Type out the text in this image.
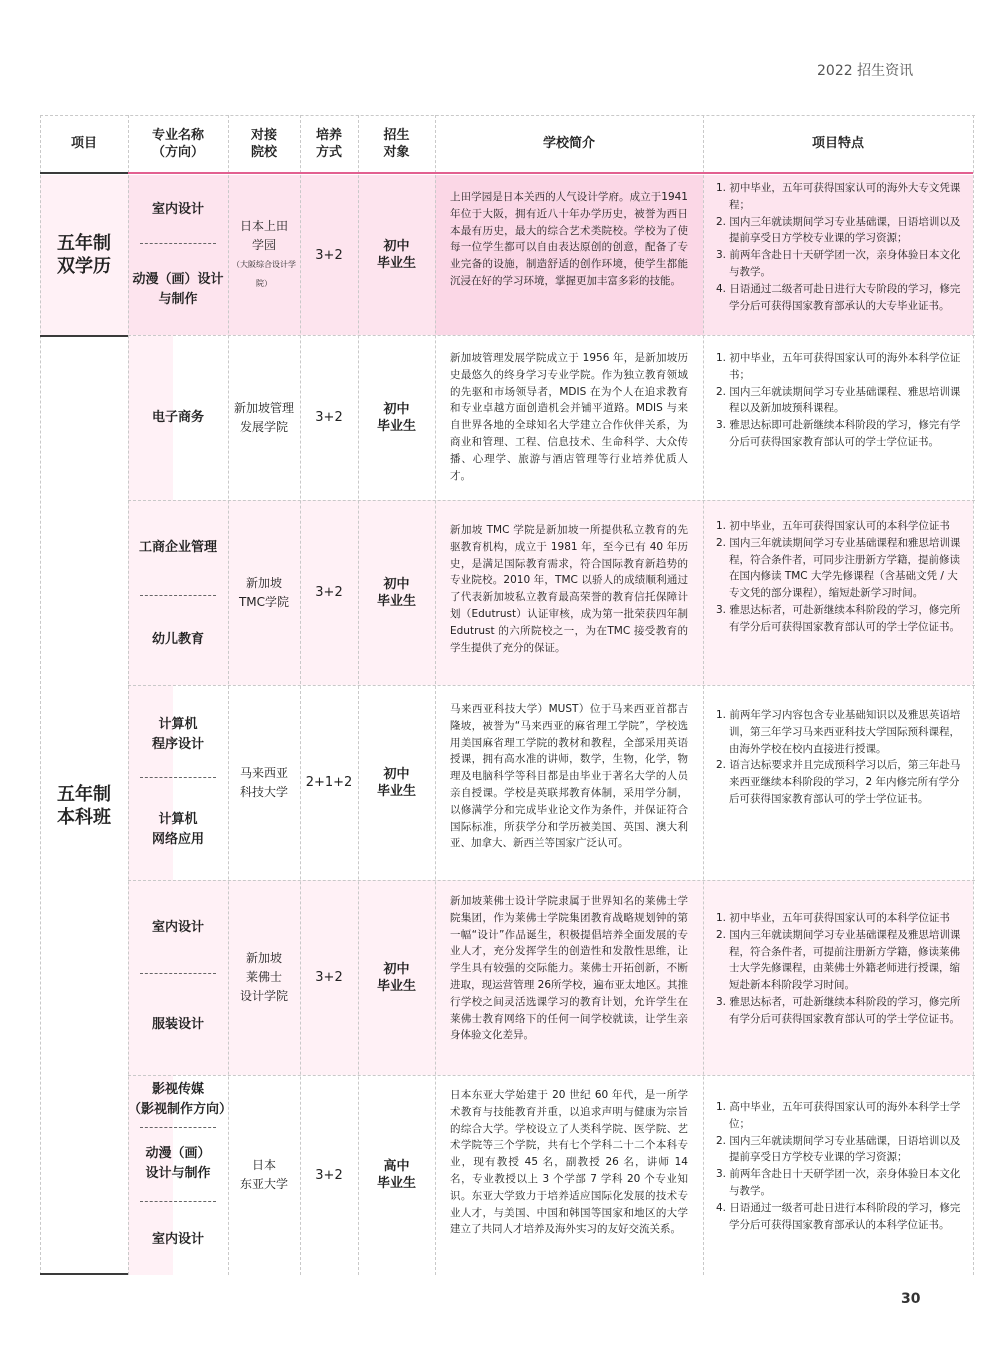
2022 招生资讯
项目
专业名称
（方向）
对接
院校
培养
方式
招生
对象
学校简介	项目特点
五年制
双学历
五年制
本科班
室内设计
动漫（画）设计
与制作
日本上田
学园
（大阪综合设计学院）
3+2
初中
毕业生
上田学园是日本关西的人气设计学府。成立于1941 年位于大阪，拥有近八十年办学历史，被誉为西日本最有历史，最大的综合艺术类院校。学校为了使每一位学生都可以自由表达原创的创意，配备了专业完备的设施，制造舒适的创作环境，使学生都能沉浸在好的学习环境，掌握更加丰富多彩的技能。
1. 初中毕业，五年可获得国家认可的海外大专文凭课程；
2. 国内三年就读期间学习专业基础课，日语培训以及提前享受日方学校专业课的学习资源；
3. 前两年含赴日十天研学团一次，亲身体验日本文化与教学。
4. 日语通过二级者可赴日进行大专阶段的学习，修完学分后可获得国家教育部承认的大专毕业证书。
电子商务
新加坡管理
发展学院
3+2
初中
毕业生
新加坡管理发展学院成立于 1956 年，是新加坡历史最悠久的终身学习专业学院。作为独立教育领域的先驱和市场领导者，MDIS 在为个人在追求教育和专业卓越方面创造机会并铺平道路。MDIS 与来自世界各地的全球知名大学建立合作伙伴关系，为商业和管理、工程、信息技术、生命科学、大众传播、心理学、旅游与酒店管理等行业培养优质人才。
1. 初中毕业，五年可获得国家认可的海外本科学位证书；
2. 国内三年就读期间学习专业基础课程、雅思培训课程以及新加坡预科课程。
3. 雅思达标即可赴新继续本科阶段的学习，修完有学分后可获得国家教育部认可的学士学位证书。
工商企业管理
幼儿教育
新加坡
TMC学院
3+2
初中
毕业生
新加坡 TMC 学院是新加坡一所提供私立教育的先驱教育机构，成立于 1981 年，至今已有 40 年历史，是满足国际教育需求，符合国际教育新趋势的专业院校。2010 年，TMC 以骄人的成绩顺利通过了代表新加坡私立教育最高荣誉的教育信托保障计划（Edutrust）认证审核，成为第一批荣获四年制 Edutrust 的六所院校之一，为在TMC 接受教育的学生提供了充分的保证。
1. 初中毕业，五年可获得国家认可的本科学位证书
2. 国内三年就读期间学习专业基础课程和雅思培训课程，符合条件者，可同步注册新方学籍，提前修读在国内修读 TMC 大学先修课程（含基础文凭 / 大专文凭的部分课程），缩短赴新学习时间。
3. 雅思达标者，可赴新继续本科阶段的学习，修完所有学分后可获得国家教育部认可的学士学位证书。
计算机
程序设计
计算机
网络应用
马来西亚
科技大学
2+1+2
初中
毕业生
马来西亚科技大学）MUST）位于马来西亚首都吉隆坡，被誉为“马来西亚的麻省理工学院”，学校选用美国麻省理工学院的教材和教程，全部采用英语授课，拥有高水准的讲师，数学，生物，化学，物理及电脑科学等科目都是由毕业于著名大学的人员亲自授课。学校是英联邦教育体制，采用学分制，以修满学分和完成毕业论文作为条件，并保证符合国际标准，所获学分和学历被美国、英国、澳大利亚、加拿大、新西兰等国家广泛认可。
1. 前两年学习内容包含专业基础知识以及雅思英语培训，第三年学习马来西亚科技大学国际预科课程，由海外学校在校内直接进行授课。
2. 语言达标要求并且完成预科学习以后，第三年赴马来西亚继续本科阶段的学习，2 年内修完所有学分后可获得国家教育部认可的学士学位证书。
室内设计
服装设计
新加坡
莱佛士
设计学院
3+2
初中
毕业生
新加坡莱佛士设计学院隶属于世界知名的莱佛士学院集团，作为莱佛士学院集团教育战略规划钟的第一幅“设计”作品诞生，积极提倡培养全面发展的专业人才，充分发挥学生的创造性和发散性思维，让学生具有较强的交际能力。莱佛士开拓创新，不断进取，现运营管理 26所学校，遍布亚太地区。其推行学校之间灵活选课学习的教育计划，允许学生在莱佛士教育网络下的任何一间学校就读，让学生亲身体验文化差异。
1. 初中毕业，五年可获得国家认可的本科学位证书
2. 国内三年就读期间学习专业基础课程及雅思培训课程，符合条件者，可提前注册新方学籍，修读莱佛士大学先修课程，由莱佛士外籍老师进行授课，缩短赴新本科阶段学习时间。
3. 雅思达标者，可赴新继续本科阶段的学习，修完所有学分后可获得国家教育部认可的学士学位证书。
影视传媒
（影视制作方向）
动漫（画）
设计与制作
室内设计
日本
东亚大学
3+2
高中
毕业生
日本东亚大学始建于 20 世纪 60 年代，是一所学术教育与技能教育并重，以追求声明与健康为宗旨的综合大学。学校设立了人类科学院、医学院、艺术学院等三个学院，共有七个学科二十二个本科专业，现有教授 45 名，副教授 26 名，讲师 14 名，专业教授以上 3 个学部 7 学科 20 个专业知识。东亚大学致力于培养适应国际化发展的技术专业人才，与美国、中国和韩国等国家和地区的大学建立了共同人才培养及海外实习的友好交流关系。
1. 高中毕业，五年可获得国家认可的海外本科学士学位；
2. 国内三年就读期间学习专业基础课，日语培训以及提前享受日方学校专业课的学习资源；
3. 前两年含赴日十天研学团一次，亲身体验日本文化与教学。
4. 日语通过一级者可赴日进行本科阶段的学习，修完学分后可获得国家教育部承认的本科学位证书。
30
